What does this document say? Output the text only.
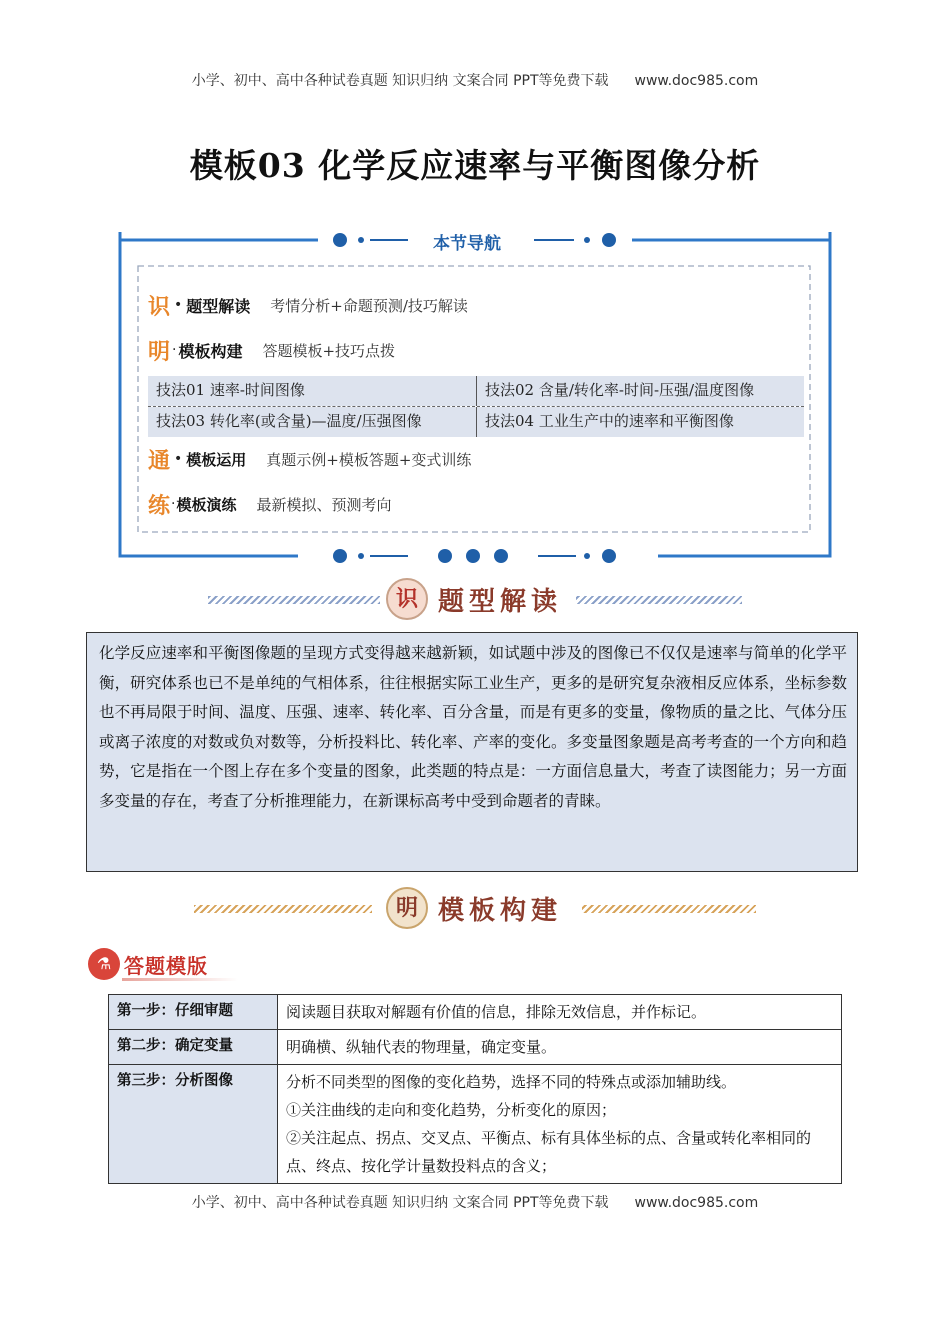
小学、初中、高中各种试卷真题 知识归纳 文案合同 PPT等免费下载 www.doc985.com
模板03 化学反应速率与平衡图像分析
本节导航
识 • 题型解读 考情分析+命题预测/技巧解读
明 · 模板构建 答题模板+技巧点拨
技法01 速率-时间图像	技法02 含量/转化率-时间-压强/温度图像
技法03 转化率(或含量)—温度/压强图像	技法04 工业生产中的速率和平衡图像
通 • 模板运用 真题示例+模板答题+变式训练
练 · 模板演练 最新模拟、预测考向
识 题型解读
化学反应速率和平衡图像题的呈现方式变得越来越新颖，如试题中涉及的图像已不仅仅是速率与简单的化学平衡，研究体系也已不是单纯的气相体系，往往根据实际工业生产，更多的是研究复杂液相反应体系，坐标参数也不再局限于时间、温度、压强、速率、转化率、百分含量，而是有更多的变量，像物质的量之比、气体分压或离子浓度的对数或负对数等，分析投料比、转化率、产率的变化。多变量图象题是高考考查的一个方向和趋势，它是指在一个图上存在多个变量的图象，此类题的特点是：一方面信息量大，考查了读图能力；另一方面多变量的存在，考查了分析推理能力，在新课标高考中受到命题者的青睐。
明 模板构建
⚗ 答题模版
第一步：仔细审题	阅读题目获取对解题有价值的信息，排除无效信息，并作标记。

第二步：确定变量	明确横、纵轴代表的物理量，确定变量。

第三步：分析图像	分析不同类型的图像的变化趋势，选择不同的特殊点或添加辅助线。
①关注曲线的走向和变化趋势，分析变化的原因；
②关注起点、拐点、交叉点、平衡点、标有具体坐标的点、含量或转化率相同的点、终点、按化学计量数投料点的含义；
小学、初中、高中各种试卷真题 知识归纳 文案合同 PPT等免费下载 www.doc985.com
